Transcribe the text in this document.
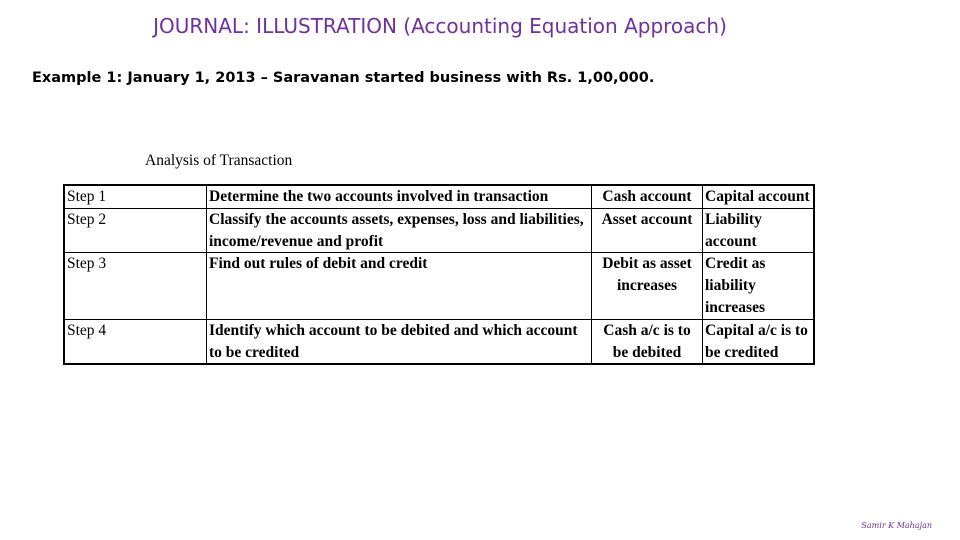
JOURNAL: ILLUSTRATION (Accounting Equation Approach)
Example 1: January 1, 2013 – Saravanan started business with Rs. 1,00,000.
Analysis of Transaction
Step 1	Determine the two accounts involved in transaction	Cash account	Capital account
Step 2	Classify the accounts assets, expenses, loss and liabilities, income/revenue and profit	Asset account	Liability account
Step 3	Find out rules of debit and credit	Debit as asset increases	Credit as liability increases
Step 4	Identify which account to be debited and which account to be credited	Cash a/c is to be debited	Capital a/c is to be credited
Samir K Mahajan
